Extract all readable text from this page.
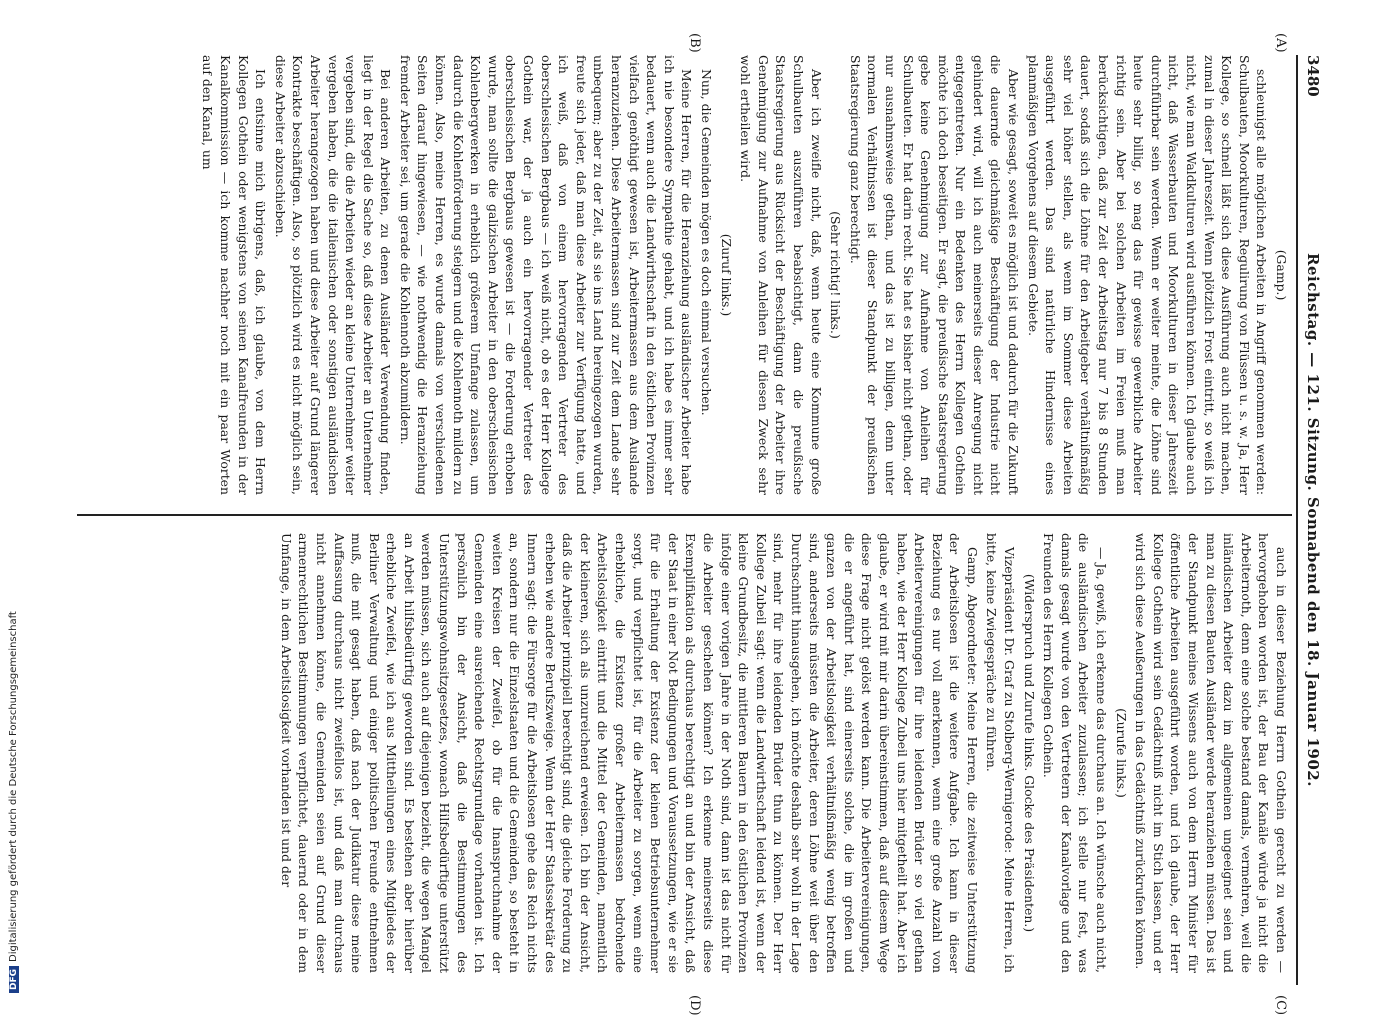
3480
Reichstag. — 121. Sitzung. Sonnabend den 18. Januar 1902.
(A)
(B)
(C)
(D)
(Gamp.)

schleunigst alle möglichen Arbeiten in Angriff genommen werden: Schulbauten, Moorkulturen, Regulirung von Flüssen u. s. w. Ja, Herr Kollege, so schnell läßt sich diese Ausführung auch nicht machen, zumal in dieser Jahreszeit. Wenn plötzlich Frost eintritt, so weiß ich nicht, wie man Waldkulturen wird ausführen können. Ich glaube auch nicht, daß Wasserbauten und Moorkulturen in dieser Jahreszeit durchführbar sein werden. Wenn er weiter meinte, die Löhne sind heute sehr billig, so mag das für gewisse gewerbliche Arbeiter richtig sein. Aber bei solchen Arbeiten im Freien muß man berücksichtigen, daß zur Zeit der Arbeitstag nur 7 bis 8 Stunden dauert, sodaß sich die Löhne für den Arbeitgeber verhältnißmäßig sehr viel höher stellen, als wenn im Sommer diese Arbeiten ausgeführt werden. Das sind natürliche Hindernisse eines planmäßigen Vorgehens auf diesem Gebiete.

Aber wie gesagt, soweit es möglich ist und dadurch für die Zukunft die dauernde gleichmäßige Beschäftigung der Industrie nicht gehindert wird, will ich auch meinerseits dieser Anregung nicht entgegentreten. Nur ein Bedenken des Herrn Kollegen Gothein möchte ich doch beseitigen. Er sagt, die preußische Staatsregierung gebe keine Genehmigung zur Aufnahme von Anleihen für Schulbauten. Er hat darin recht. Sie hat es bisher nicht gethan, oder nur ausnahmsweise gethan, und das ist zu billigen, denn unter normalen Verhältnissen ist dieser Standpunkt der preußischen Staatsregierung ganz berechtigt.

(Sehr richtig! links.)

Aber ich zweifle nicht, daß, wenn heute eine Kommune große Schulbauten auszuführen beabsichtigt, dann die preußische Staatsregierung aus Rücksicht der Beschäftigung der Arbeiter ihre Genehmigung zur Aufnahme von Anleihen für diesen Zweck sehr wohl ertheilen wird.

(Zuruf links.)

Nun, die Gemeinden mögen es doch einmal versuchen.

Meine Herren, für die Heranziehung ausländischer Arbeiter habe ich nie besondere Sympathie gehabt, und ich habe es immer sehr bedauert, wenn auch die Landwirthschaft in den östlichen Provinzen vielfach genöthigt gewesen ist, Arbeitermassen aus dem Auslande heranzuziehen. Diese Arbeitermassen sind zur Zeit dem Lande sehr unbequem; aber zu der Zeit, als sie ins Land hereingezogen wurden, freute sich jeder, daß man diese Arbeiter zur Verfügung hatte, und ich weiß, daß von einem hervorragenden Vertreter des oberschlesischen Bergbaus — ich weiß nicht, ob es der Herr Kollege Gothein war, der ja auch ein hervorragender Vertreter des oberschlesischen Bergbaus gewesen ist — die Forderung erhoben wurde, man sollte die galizischen Arbeiter in den oberschlesischen Kohlenbergwerken in erheblich größerem Umfange zulassen, um dadurch die Kohlenförderung steigern und die Kohlennoth mildern zu können. Also, meine Herren, es wurde damals von verschiedenen Seiten darauf hingewiesen, — wie nothwendig die Heranziehung fremder Arbeiter sei, um gerade die Kohlennoth abzumildern.

Bei anderen Arbeiten, zu denen Ausländer Verwendung finden, liegt in der Regel die Sache so, daß diese Arbeiter an Unternehmer vergeben sind, die die Arbeiten wieder an kleine Unternehmer weiter vergeben haben, die die italienischen oder sonstigen ausländischen Arbeiter herangezogen haben und diese Arbeiter auf Grund längerer Kontrakte beschäftigen. Also, so plötzlich wird es nicht möglich sein, diese Arbeiter abzuschieben.

Ich entsinne mich übrigens, daß, ich glaube, von dem Herrn Kollegen Gothein oder wenigstens von seinen Kanalfreunden in der Kanalkommission — ich komme nachher noch mit ein paar Worten auf den Kanal, um

auch in dieser Beziehung Herrn Gothein gerecht zu werden — hervorgehoben worden ist, der Bau der Kanäle würde ja nicht die Arbeiternoth, denn eine solche bestand damals, vermehren, weil die inländischen Arbeiter dazu im allgemeinen ungeeignet seien und man zu diesen Bauten Ausländer werde heranziehen müssen. Das ist der Standpunkt meines Wissens auch von dem Herrn Minister für öffentliche Arbeiten ausgeführt worden, und ich glaube, der Herr Kollege Gothein wird sein Gedächtniß nicht im Stich lassen, und er wird sich diese Aeußerungen in das Gedächtniß zurückrufen können.

(Zurufe links.)

— Ja, gewiß, ich erkenne das durchaus an. Ich wünsche auch nicht, die ausländischen Arbeiter zuzulassen; ich stelle nur fest, was damals gesagt wurde von den Vertretern der Kanalvorlage und den Freunden des Herrn Kollegen Gothein.

(Widerspruch und Zurufe links. Glocke des Präsidenten.)

Vizepräsident Dr. Graf zu Stolberg-Wernigerode: Meine Herren, ich bitte, keine Zwiegespräche zu führen.

Gamp, Abgeordneter: Meine Herren, die zeitweise Unterstützung der Arbeitslosen ist die weitere Aufgabe. Ich kann in dieser Beziehung es nur voll anerkennen, wenn eine große Anzahl von Arbeitervereinigungen für ihre leidenden Brüder so viel gethan haben, wie der Herr Kollege Zubeil uns hier mitgetheilt hat. Aber ich glaube, er wird mit mir darin übereinstimmen, daß auf diesem Wege diese Frage nicht gelöst werden kann. Die Arbeitervereinigungen, die er angeführt hat, sind einerseits solche, die im großen und ganzen von der Arbeitslosigkeit verhältnißmäßig wenig betroffen sind, anderseits müssten die Arbeiter, deren Löhne weit über den Durchschnitt hinausgehen, ich möchte deshalb sehr wohl in der Lage sind, mehr für ihre leidenden Brüder thun zu können. Der Herr Kollege Zubeil sagt: wenn die Landwirthschaft leidend ist, wenn der kleine Grundbesitz, die mittleren Bauern in den östlichen Provinzen infolge einer vorigen Jahre in der Noth sind, dann ist das nicht für die Arbeiter geschehen können? Ich erkenne meinerseits diese Exemplifikation als durchaus berechtigt an und bin der Ansicht, daß der Staat in einer Not Bedingungen und Voraussetzungen, wie er sie für die Erhaltung der Existenz der kleinen Betriebsunternehmer sorgt, und verpflichtet ist, für die Arbeiter zu sorgen, wenn eine erhebliche, die Existenz großer Arbeitermassen bedrohende Arbeitslosigkeit eintritt und die Mittel der Gemeinden, namentlich der kleineren, sich als unzureichend erweisen. Ich bin der Ansicht, daß die Arbeiter prinzipiell berechtigt sind, die gleiche Forderung zu erheben wie andere Berufszweige. Wenn der Herr Staatssekretär des Innern sagt: die Fürsorge für die Arbeitslosen gehe das Reich nichts an, sondern nur die Einzelstaaten und die Gemeinden, so besteht in weiten Kreisen der Zweifel, ob für die Inanspruchnahme der Gemeinden eine ausreichende Rechtsgrundlage vorhanden ist. Ich persönlich bin der Ansicht, daß die Bestimmungen des Unterstützungswohnsitzgesetzes, wonach Hilfsbedürftige unterstützt werden müssen, sich auch auf diejenigen bezieht, die wegen Mangel an Arbeit hilfsbedürftig geworden sind. Es bestehen aber hierüber erhebliche Zweifel, wie ich aus Mittheilungen eines Mitgliedes der Berliner Verwaltung und einiger politischen Freunde entnehmen muß, die mit gesagt haben, daß nach der Judikatur diese meine Auffassung durchaus nicht zweifellos ist, und daß man durchaus nicht annehmen könne, die Gemeinden seien auf Grund dieser armenrechtlichen Bestimmungen verpflichtet, dauernd oder in dem Umfange, in dem Arbeitslosigkeit vorhanden ist und der

DFGDigitalisierung gefördert durch die Deutsche Forschungsgemeinschaft
